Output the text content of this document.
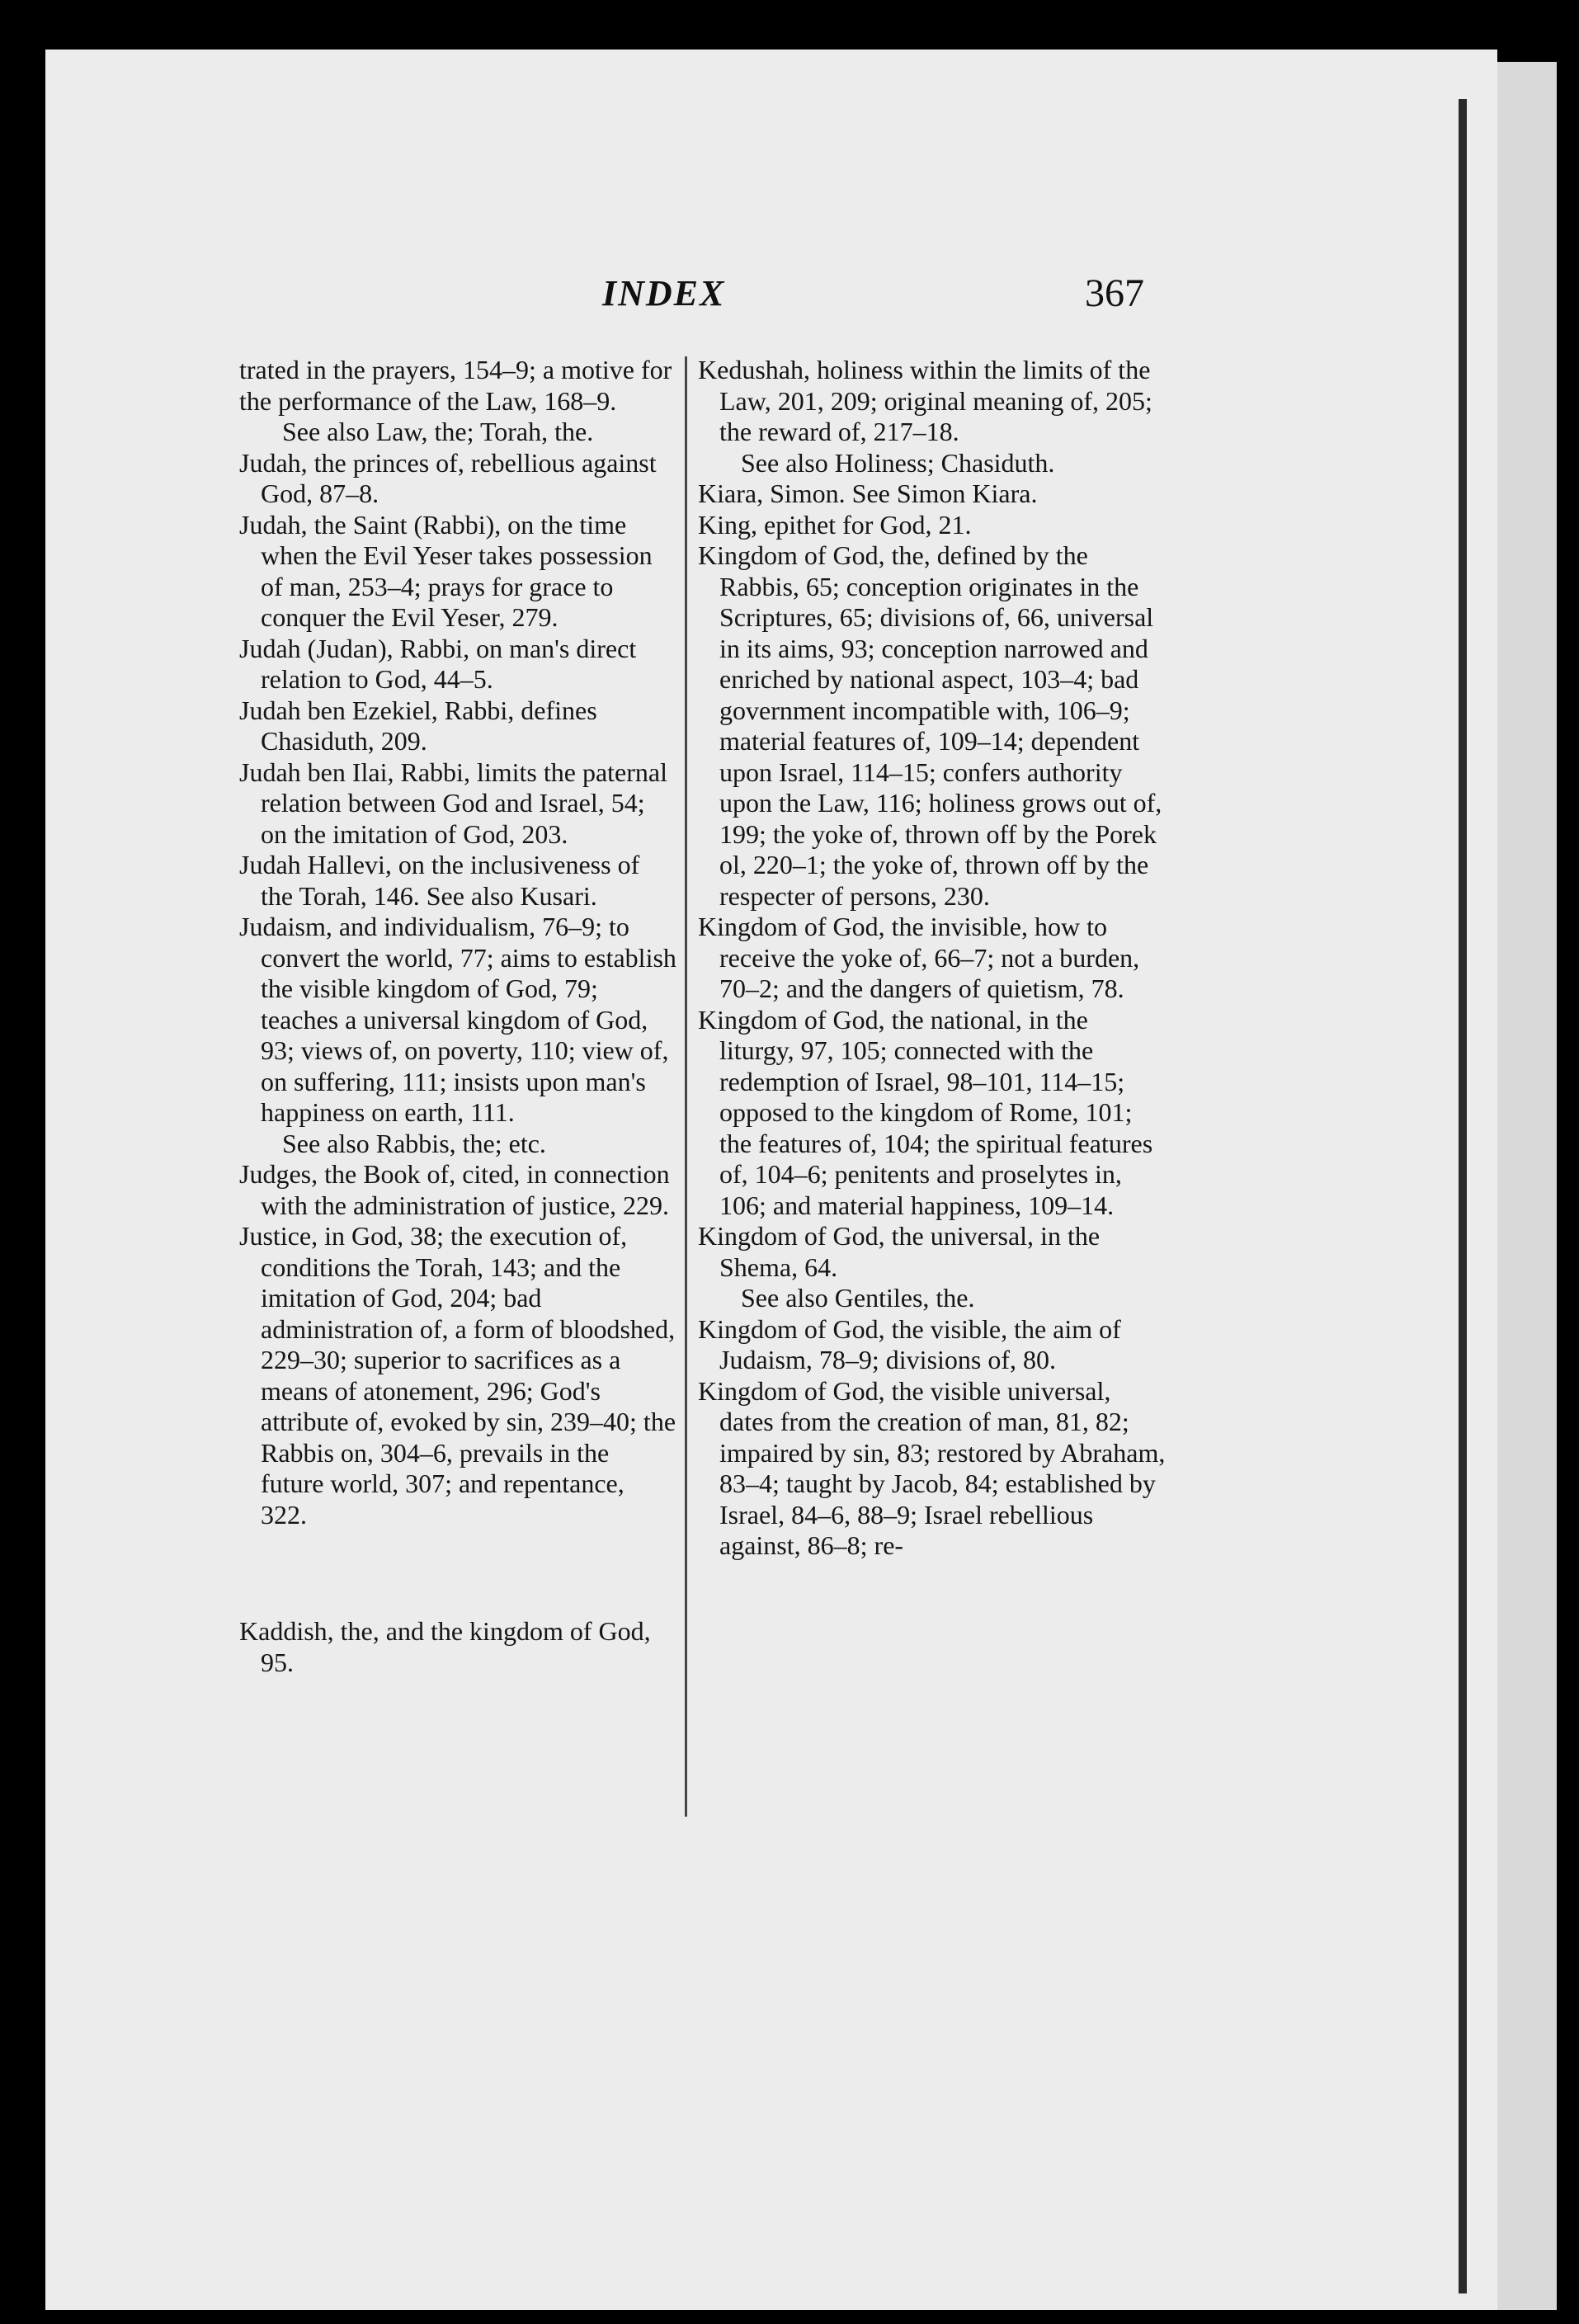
INDEX	367

trated in the prayers, 154–9; a motive for the performance of the Law, 168–9.

See also Law, the; Torah, the.

Judah, the princes of, rebellious against God, 87–8.

Judah, the Saint (Rabbi), on the time when the Evil Yeser takes possession of man, 253–4; prays for grace to conquer the Evil Yeser, 279.

Judah (Judan), Rabbi, on man's direct relation to God, 44–5.

Judah ben Ezekiel, Rabbi, defines Chasiduth, 209.

Judah ben Ilai, Rabbi, limits the paternal relation between God and Israel, 54; on the imitation of God, 203.

Judah Hallevi, on the inclusiveness of the Torah, 146. See also Kusari.

Judaism, and individualism, 76–9; to convert the world, 77; aims to establish the visible kingdom of God, 79; teaches a universal kingdom of God, 93; views of, on poverty, 110; view of, on suffering, 111; insists upon man's happiness on earth, 111.

See also Rabbis, the; etc.

Judges, the Book of, cited, in connection with the administration of justice, 229.

Justice, in God, 38; the execution of, conditions the Torah, 143; and the imitation of God, 204; bad administration of, a form of bloodshed, 229–30; superior to sacrifices as a means of atonement, 296; God's attribute of, evoked by sin, 239–40; the Rabbis on, 304–6, prevails in the future world, 307; and repentance, 322.

Kaddish, the, and the kingdom of God, 95.

Kedushah, holiness within the limits of the Law, 201, 209; original meaning of, 205; the reward of, 217–18.

See also Holiness; Chasiduth.

Kiara, Simon. See Simon Kiara.

King, epithet for God, 21.

Kingdom of God, the, defined by the Rabbis, 65; conception originates in the Scriptures, 65; divisions of, 66, universal in its aims, 93; conception narrowed and enriched by national aspect, 103–4; bad government incompatible with, 106–9; material features of, 109–14; dependent upon Israel, 114–15; confers authority upon the Law, 116; holiness grows out of, 199; the yoke of, thrown off by the Porek ol, 220–1; the yoke of, thrown off by the respecter of persons, 230.

Kingdom of God, the invisible, how to receive the yoke of, 66–7; not a burden, 70–2; and the dangers of quietism, 78.

Kingdom of God, the national, in the liturgy, 97, 105; connected with the redemption of Israel, 98–101, 114–15; opposed to the kingdom of Rome, 101; the features of, 104; the spiritual features of, 104–6; penitents and proselytes in, 106; and material happiness, 109–14.

Kingdom of God, the universal, in the Shema, 64.

See also Gentiles, the.

Kingdom of God, the visible, the aim of Judaism, 78–9; divisions of, 80.

Kingdom of God, the visible universal, dates from the creation of man, 81, 82; impaired by sin, 83; restored by Abraham, 83–4; taught by Jacob, 84; established by Israel, 84–6, 88–9; Israel rebellious against, 86–8; re-
